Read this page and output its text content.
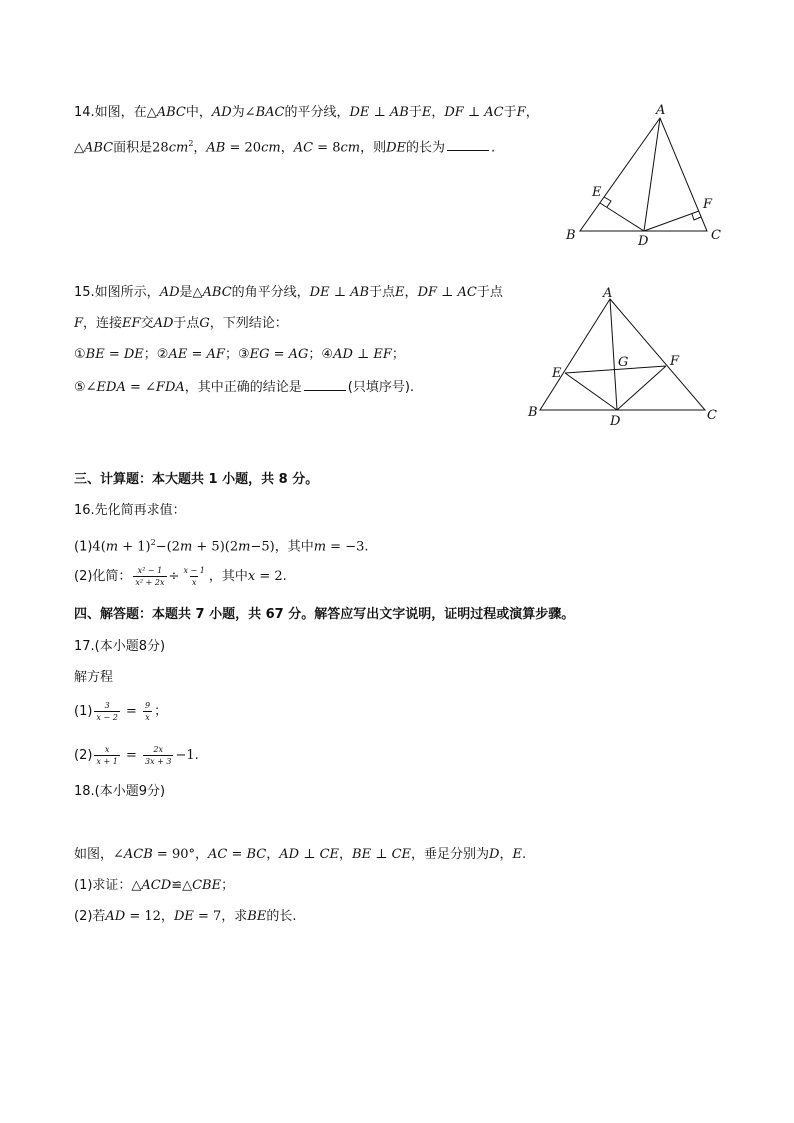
14.如图，在△ABC中，AD为∠BAC的平分线，DE ⊥ AB于E，DF ⊥ AC于F，
△ABC面积是$28cm^2$，AB = 20cm，AC = 8cm，则DE的长为	.
A
B	C
D
E
F
15.如图所示，AD是△ABC的角平分线，DE ⊥ AB于点E，DF ⊥ AC于点
F，连接EF交AD于点G，下列结论：
①BE = DE；②AE = AF；③EG = AG；④AD ⊥ EF；
⑤∠EDA = ∠FDA，其中正确的结论是	(只填序号).
A
B	C
D
E
F
G
三、计算题：本大题共 1 小题，共 8 分。
16.先化简再求值：
$(1)4(m + 1)^2-(2m + 5)(2m-5)$，其中m = −3.
(2)化简： $\frac{\text{x² − 1}}{\text{x² + 2x}} \div \frac{x - 1}{x}$ ，其中x = 2.
四、解答题：本题共 7 小题，共 67 分。解答应写出文字说明，证明过程或演算步骤。
17.(本小题8分)
解方程
$(1) \frac{3}{x - 2} = \frac{9}{x}$ ；
$(2) \frac{x}{x + 1} = \frac{2x}{3x + 3} -1$.
18.(本小题9分)
如图，∠ACB = 90°，AC = BC，AD ⊥ CE，BE ⊥ CE，垂足分别为D，E.
(1)求证：△ACD≌△CBE；
(2)若AD = 12，DE = 7，求BE的长.
